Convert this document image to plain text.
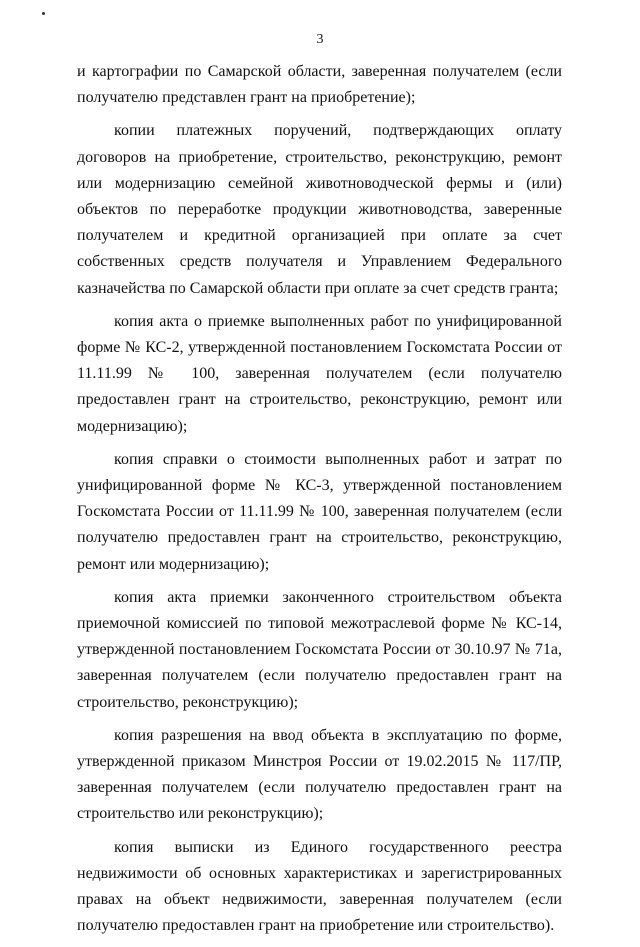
3

и картографии по Самарской области, заверенная получателем (если получателю представлен грант на приобретение);

копии платежных поручений, подтверждающих оплату договоров на приобретение, строительство, реконструкцию, ремонт или модернизацию семейной животноводческой фермы и (или) объектов по переработке продукции животноводства, заверенные получателем и кредитной организацией при оплате за счет собственных средств получателя и Управлением Федерального казначейства по Самарской области при оплате за счет средств гранта;

копия акта о приемке выполненных работ по унифицированной форме № КС-2, утвержденной постановлением Госкомстата России от 11.11.99 № 100, заверенная получателем (если получателю предоставлен грант на строительство, реконструкцию, ремонт или модернизацию);

копия справки о стоимости выполненных работ и затрат по унифицированной форме № КС-3, утвержденной постановлением Госкомстата России от 11.11.99 № 100, заверенная получателем (если получателю предоставлен грант на строительство, реконструкцию, ремонт или модернизацию);

копия акта приемки законченного строительством объекта приемочной комиссией по типовой межотраслевой форме № КС-14, утвержденной постановлением Госкомстата России от 30.10.97 № 71а, заверенная получателем (если получателю предоставлен грант на строительство, реконструкцию);

копия разрешения на ввод объекта в эксплуатацию по форме, утвержденной приказом Минстроя России от 19.02.2015 № 117/ПР, заверенная получателем (если получателю предоставлен грант на строительство или реконструкцию);

копия выписки из Единого государственного реестра недвижимости об основных характеристиках и зарегистрированных правах на объект недвижимости, заверенная получателем (если получателю предоставлен грант на приобретение или строительство).
